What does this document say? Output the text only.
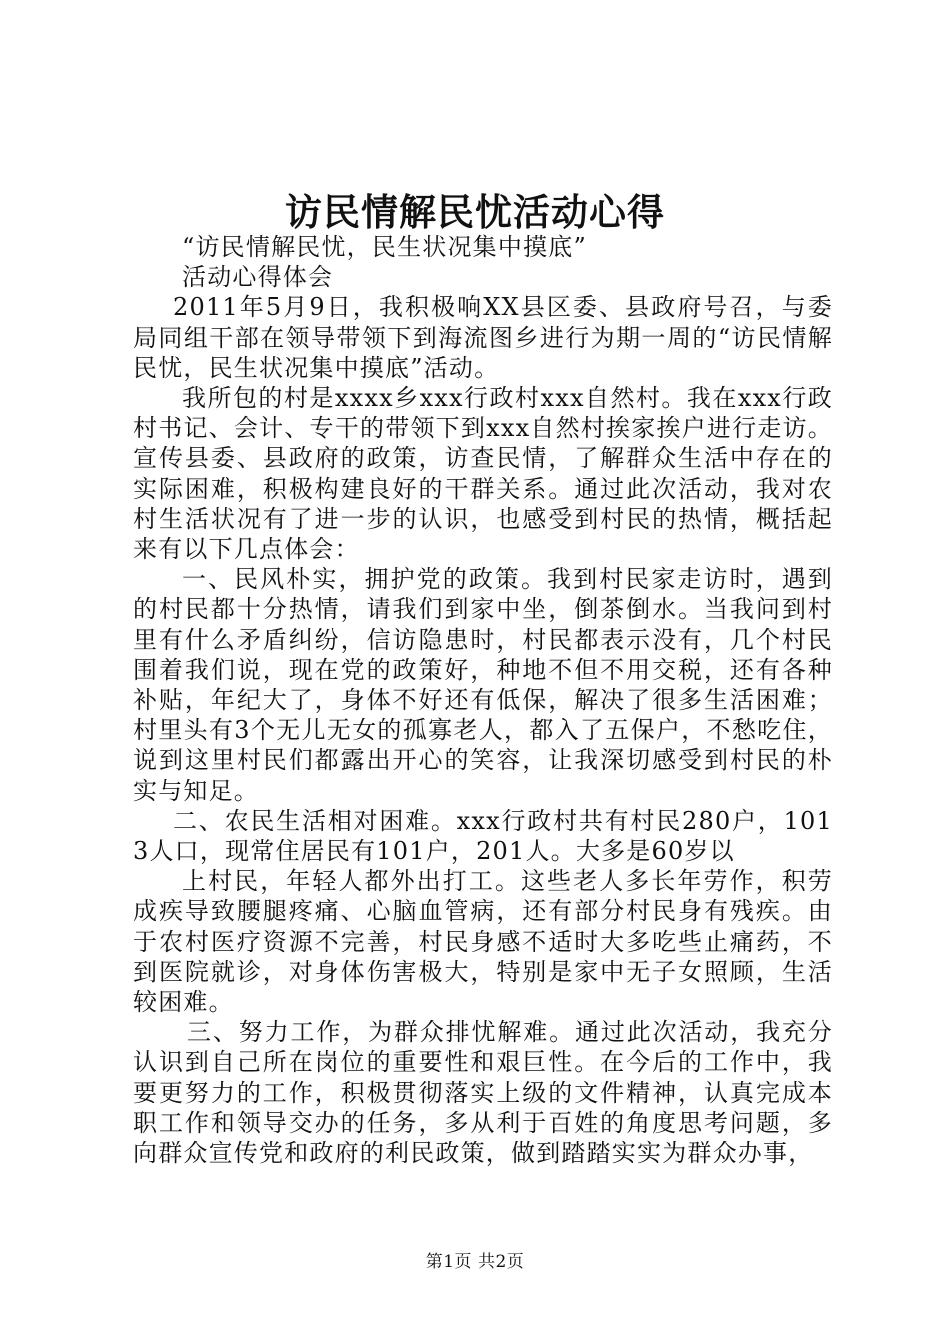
访民情解民忧活动心得

“访民情解民忧，民生状况集中摸底”

活动心得体会

2011年5月9日，我积极响XX县区委、县政府号召，与委局同组干部在领导带领下到海流图乡进行为期一周的“访民情解民忧，民生状况集中摸底”活动。

我所包的村是xxxx乡xxx行政村xxx自然村。我在xxx行政村书记、会计、专干的带领下到xxx自然村挨家挨户进行走访。宣传县委、县政府的政策，访查民情，了解群众生活中存在的实际困难，积极构建良好的干群关系。通过此次活动，我对农村生活状况有了进一步的认识，也感受到村民的热情，概括起来有以下几点体会：

一、民风朴实，拥护党的政策。我到村民家走访时，遇到的村民都十分热情，请我们到家中坐，倒茶倒水。当我问到村里有什么矛盾纠纷，信访隐患时，村民都表示没有，几个村民围着我们说，现在党的政策好，种地不但不用交税，还有各种补贴，年纪大了，身体不好还有低保，解决了很多生活困难；村里头有3个无儿无女的孤寡老人，都入了五保户，不愁吃住，说到这里村民们都露出开心的笑容，让我深切感受到村民的朴实与知足。

二、农民生活相对困难。xxx行政村共有村民280户，1013人口，现常住居民有101户，201人。大多是60岁以

上村民，年轻人都外出打工。这些老人多长年劳作，积劳成疾导致腰腿疼痛、心脑血管病，还有部分村民身有残疾。由于农村医疗资源不完善，村民身感不适时大多吃些止痛药，不到医院就诊，对身体伤害极大，特别是家中无子女照顾，生活较困难。

三、努力工作，为群众排忧解难。通过此次活动，我充分认识到自己所在岗位的重要性和艰巨性。在今后的工作中，我要更努力的工作，积极贯彻落实上级的文件精神，认真完成本职工作和领导交办的任务，多从利于百姓的角度思考问题，多向群众宣传党和政府的利民政策，做到踏踏实实为群众办事，

第1页 共2页
